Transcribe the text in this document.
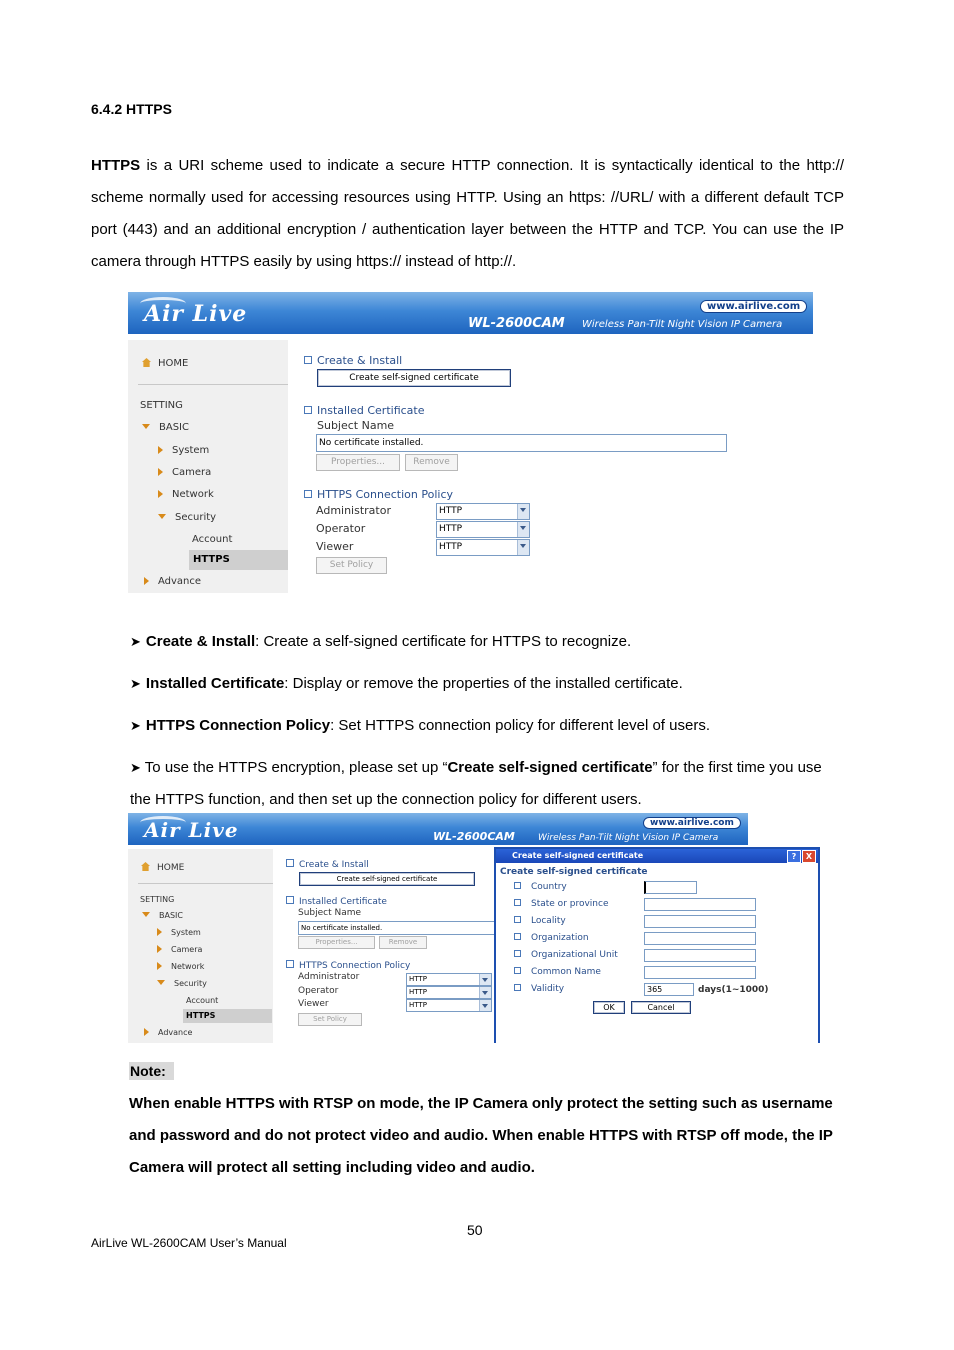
6.4.2 HTTPS
HTTPS is a URI scheme used to indicate a secure HTTP connection. It is syntactically identical to the http:// scheme normally used for accessing resources using HTTP. Using an https: //URL/ with a different default TCP port (443) and an additional encryption / authentication layer between the HTTP and TCP. You can use the IP camera through HTTPS easily by using https:// instead of http://.
Air Live	WL-2600CAM Wireless Pan-Tilt Night Vision IP Camera
www.airlive.com
HOME
SETTING
BASIC
System
Camera
Network
Security
Account
HTTPS
Advance
Create & Install
Create self-signed certificate
Installed Certificate
Subject Name
No certificate installed.
Properties...	Remove
HTTPS Connection Policy
Administrator	HTTP
Operator	HTTP
Viewer	HTTP
Set Policy
➤ Create & Install: Create a self-signed certificate for HTTPS to recognize.
➤ Installed Certificate: Display or remove the properties of the installed certificate.
➤ HTTPS Connection Policy: Set HTTPS connection policy for different level of users.
➤ To use the HTTPS encryption, please set up “Create self-signed certificate” for the first time you use the HTTPS function, and then set up the connection policy for different users.
Air Live	WL-2600CAM	Wireless Pan-Tilt Night Vision IP Camera
www.airlive.com
HOME
SETTING
BASIC
System
Camera
Network
Security
Account
HTTPS
Advance
Create & Install
Create self-signed certificate
Installed Certificate
Subject Name
No certificate installed.
Properties...	Remove
HTTPS Connection Policy
Administrator	HTTP
Operator	HTTP
Viewer	HTTP
Set Policy
Create self-signed certificate	?	X
Create self-signed certificate
Country
State or province
Locality
Organization
Organizational Unit
Common Name
Validity	365	days(1~1000)
OK	Cancel
Note:
When enable HTTPS with RTSP on mode, the IP Camera only protect the setting such as username and password and do not protect video and audio. When enable HTTPS with RTSP off mode, the IP Camera will protect all setting including video and audio.
50
AirLive WL-2600CAM User’s Manual
